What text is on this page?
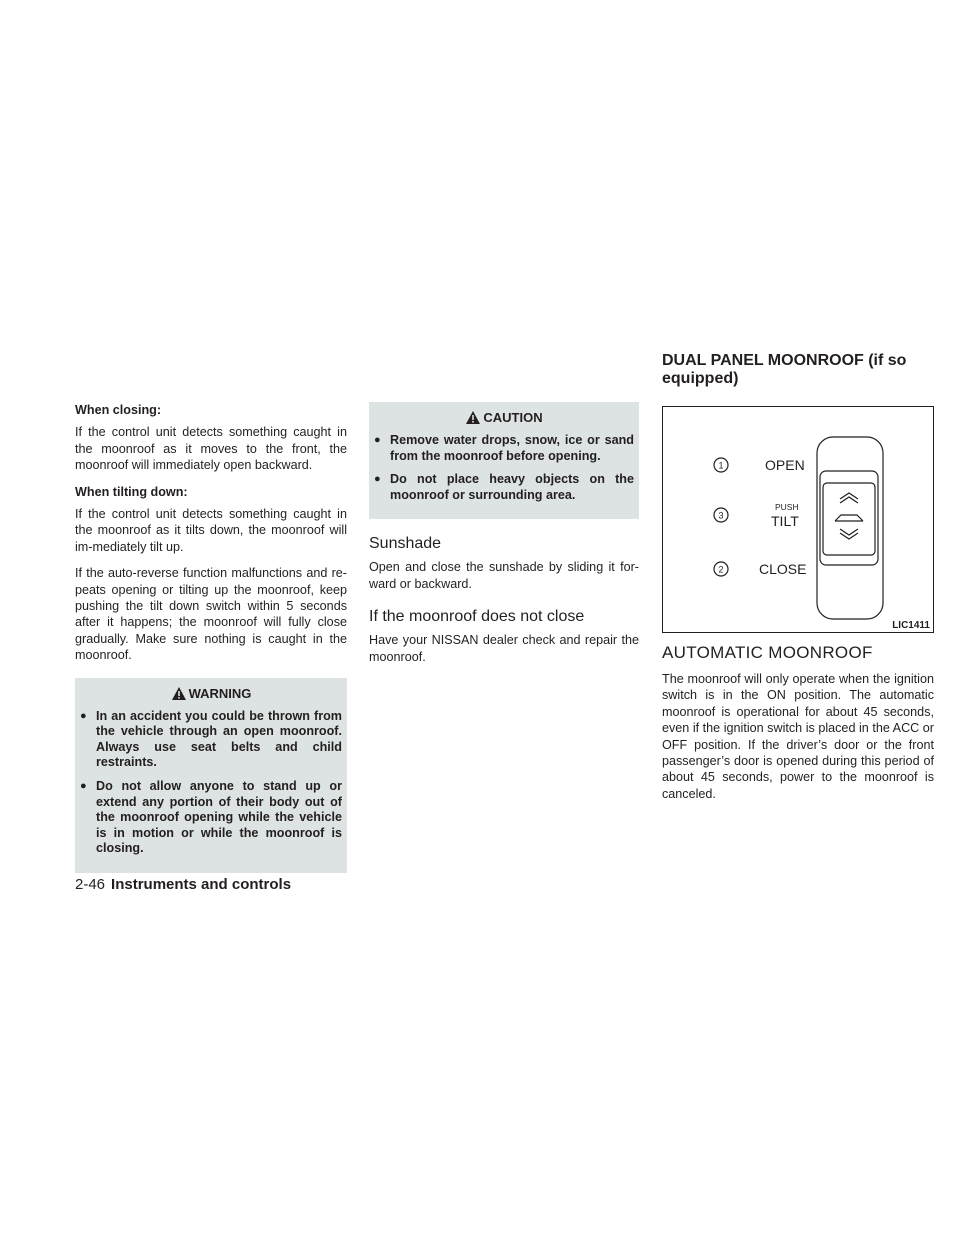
When closing:

If the control unit detects something caught in the moonroof as it moves to the front, the moonroof will immediately open backward.

When tilting down:

If the control unit detects something caught in the moonroof as it tilts down, the moonroof will im-mediately tilt up.

If the auto-reverse function malfunctions and re-peats opening or tilting up the moonroof, keep pushing the tilt down switch within 5 seconds after it happens; the moonroof will fully close gradually. Make sure nothing is caught in the moonroof.

WARNING
● In an accident you could be thrown from the vehicle through an open moonroof. Always use seat belts and child restraints.
● Do not allow anyone to stand up or extend any portion of their body out of the moonroof opening while the vehicle is in motion or while the moonroof is closing.
CAUTION
● Remove water drops, snow, ice or sand from the moonroof before opening.
● Do not place heavy objects on the moonroof or surrounding area.
Sunshade

Open and close the sunshade by sliding it for-ward or backward.

If the moonroof does not close

Have your NISSAN dealer check and repair the moonroof.

DUAL PANEL MOONROOF (if so equipped)
1
3
2
OPEN
PUSH
TILT
CLOSE
LIC1411
AUTOMATIC MOONROOF

The moonroof will only operate when the ignition switch is in the ON position. The automatic moonroof is operational for about 45 seconds, even if the ignition switch is placed in the ACC or OFF position. If the driver’s door or the front passenger’s door is opened during this period of about 45 seconds, power to the moonroof is canceled.

2-46 Instruments and controls
